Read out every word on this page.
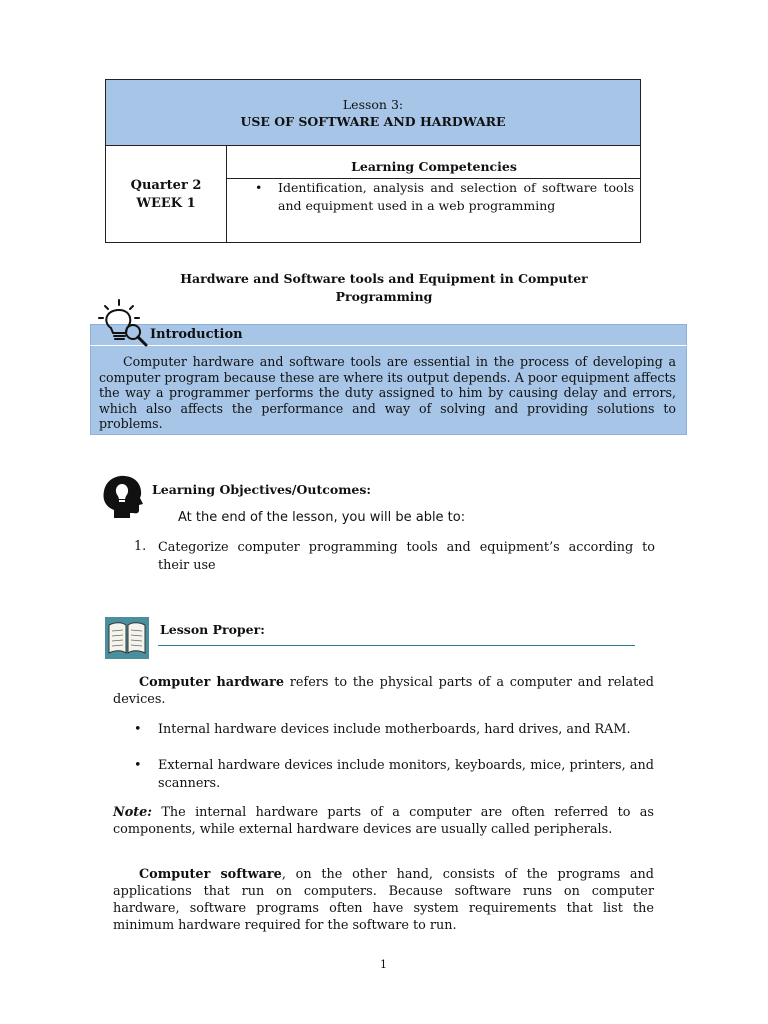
Lesson 3:
USE OF SOFTWARE AND HARDWARE
Quarter 2
WEEK 1
Learning Competencies
• Identification, analysis and selection of software tools and equipment used in a web programming
Hardware and Software tools and Equipment in Computer
Programming
Introduction
Computer hardware and software tools are essential in the process of developing a computer program because these are where its output depends. A poor equipment affects the way a programmer performs the duty assigned to him by causing delay and errors, which also affects the performance and way of solving and providing solutions to problems.
Learning Objectives/Outcomes:
At the end of the lesson, you will be able to:
1. Categorize computer programming tools and equipment’s according to their use
Lesson Proper:
Computer hardware refers to the physical parts of a computer and related devices.
• Internal hardware devices include motherboards, hard drives, and RAM.
• External hardware devices include monitors, keyboards, mice, printers, and scanners.
Note: The internal hardware parts of a computer are often referred to as components, while external hardware devices are usually called peripherals.
Computer software, on the other hand, consists of the programs and applications that run on computers. Because software runs on computer hardware, software programs often have system requirements that list the minimum hardware required for the software to run.
1
